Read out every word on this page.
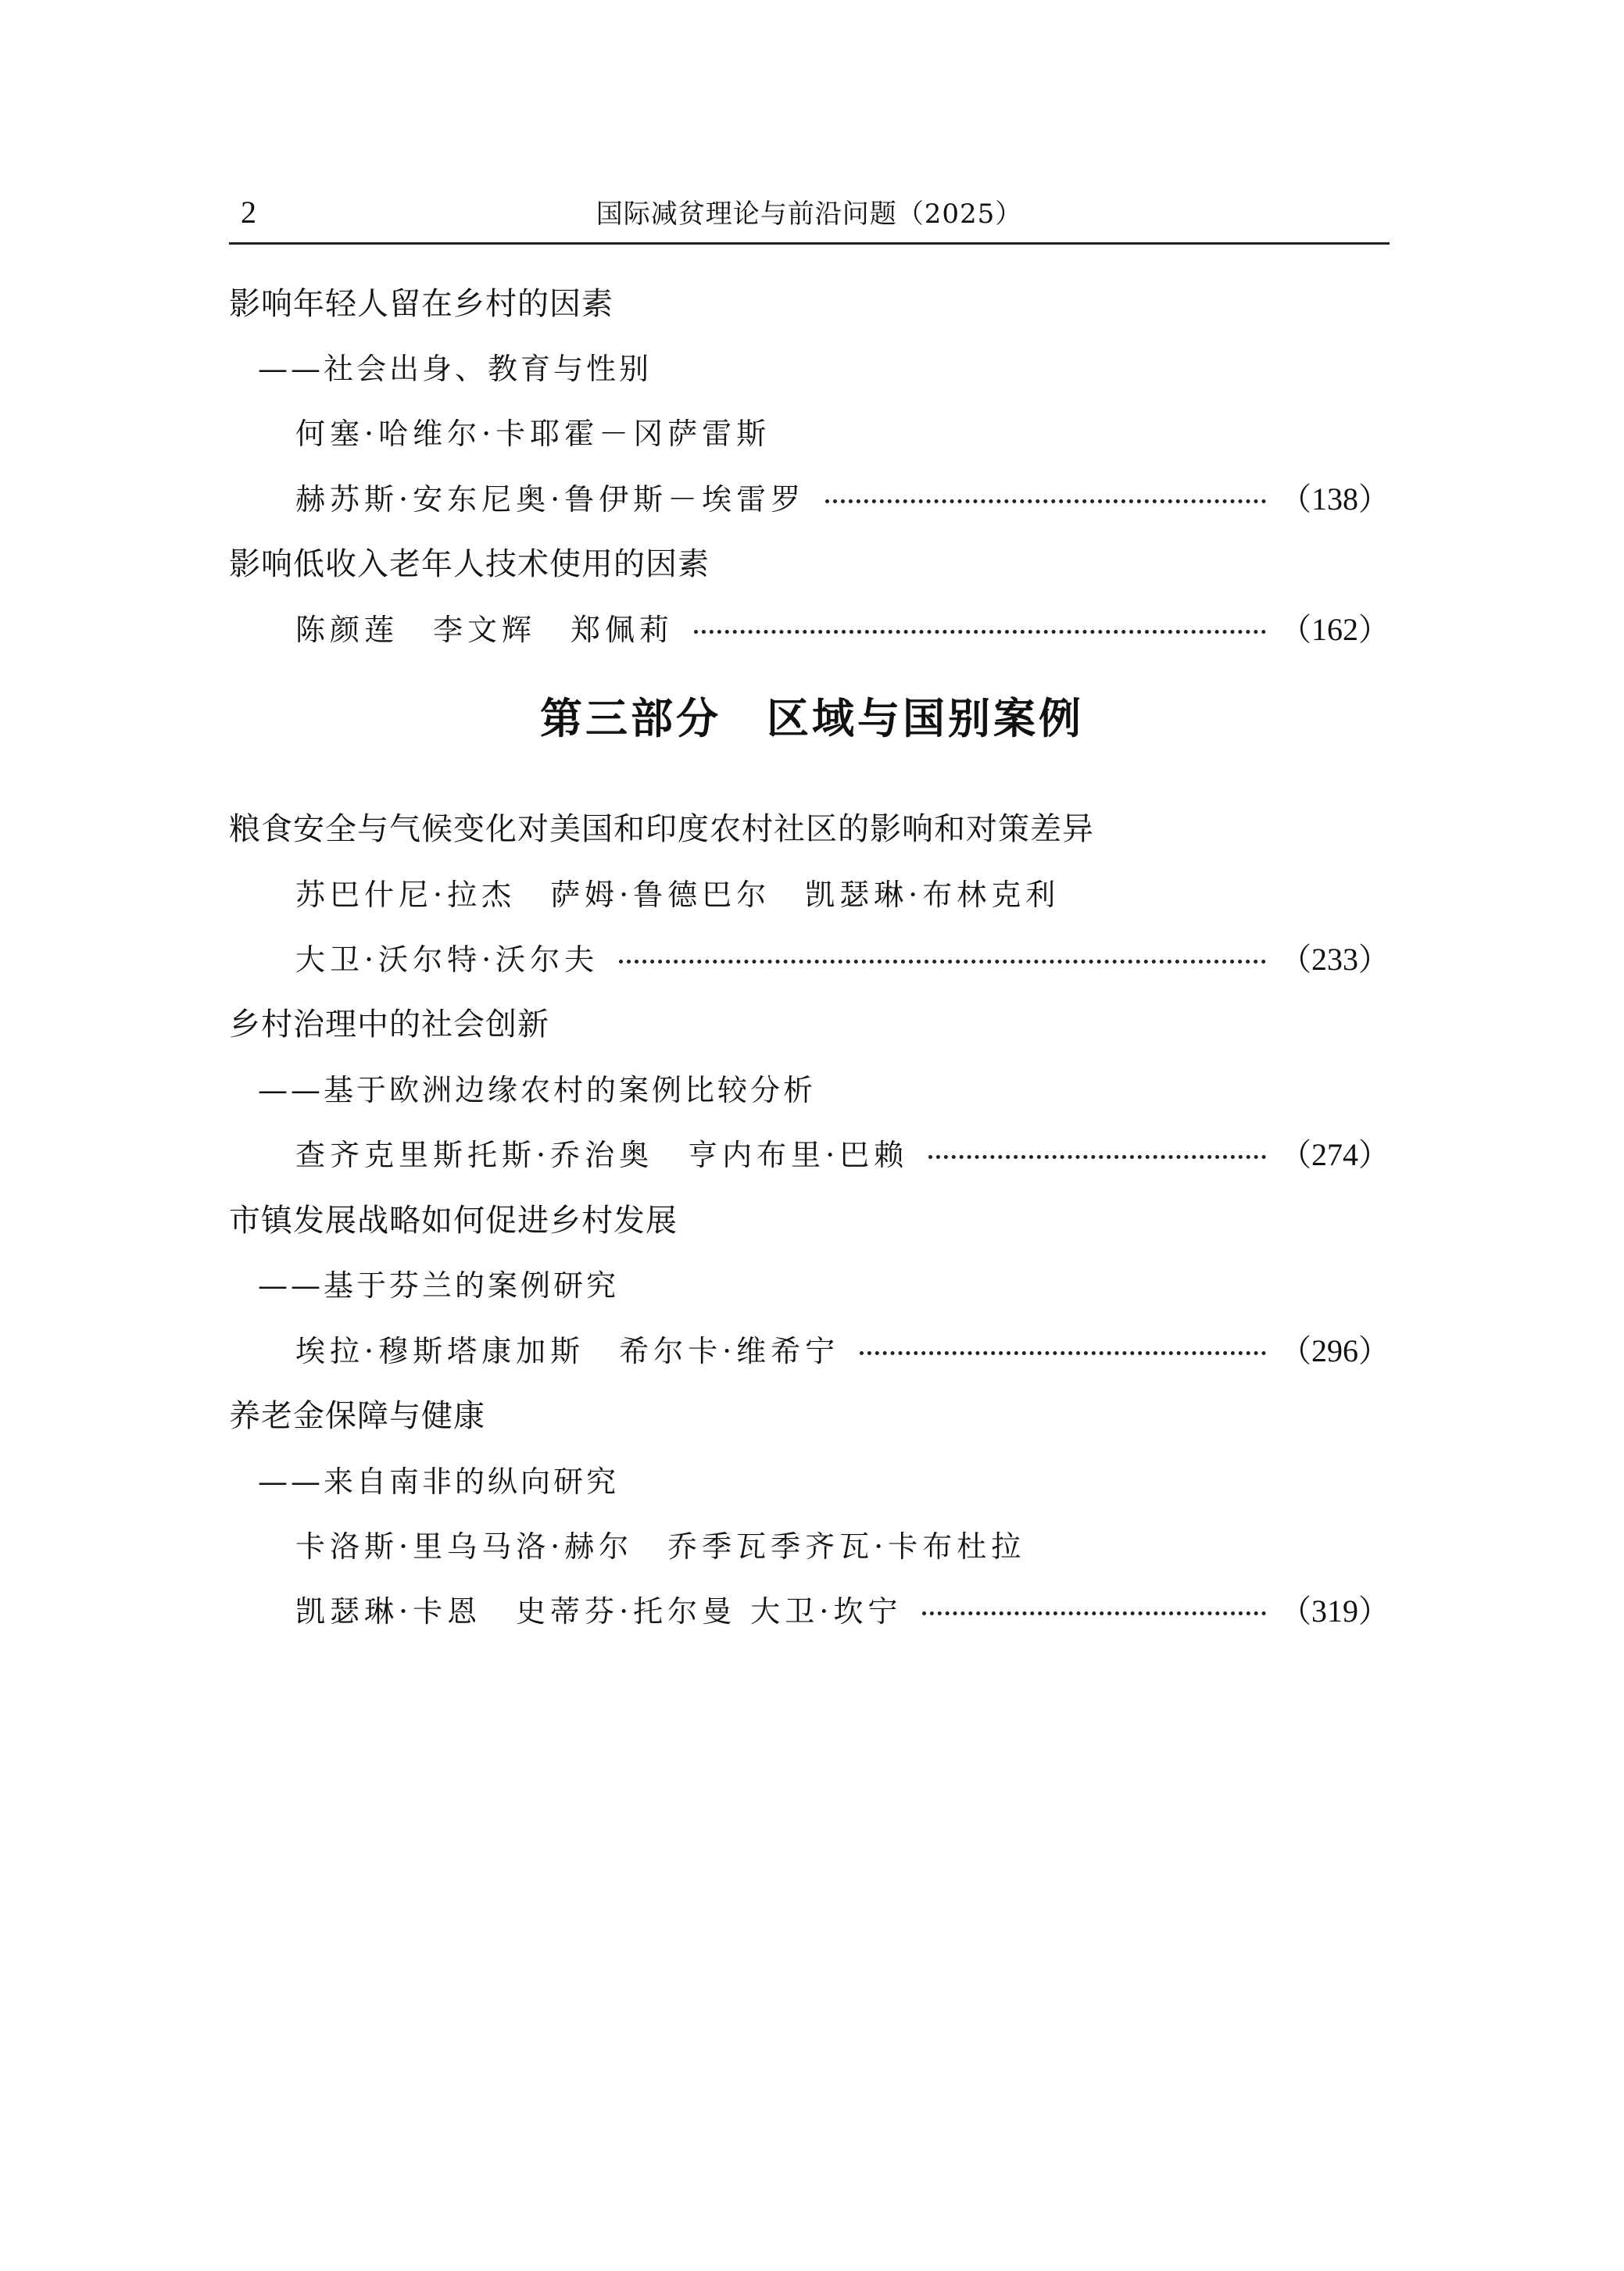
2	国际减贫理论与前沿问题（2025）
影响年轻人留在乡村的因素
——社会出身、教育与性别
何塞·哈维尔·卡耶霍－冈萨雷斯
赫苏斯·安东尼奥·鲁伊斯－埃雷罗	（138）
影响低收入老年人技术使用的因素
陈颜莲　李文辉　郑佩莉	（162）
第三部分　区域与国别案例
粮食安全与气候变化对美国和印度农村社区的影响和对策差异
苏巴什尼·拉杰　萨姆·鲁德巴尔　凯瑟琳·布林克利
大卫·沃尔特·沃尔夫	（233）
乡村治理中的社会创新
——基于欧洲边缘农村的案例比较分析
查齐克里斯托斯·乔治奥　亨内布里·巴赖	（274）
市镇发展战略如何促进乡村发展
——基于芬兰的案例研究
埃拉·穆斯塔康加斯　希尔卡·维希宁	（296）
养老金保障与健康
——来自南非的纵向研究
卡洛斯·里乌马洛·赫尔　乔季瓦季齐瓦·卡布杜拉
凯瑟琳·卡恩　史蒂芬·托尔曼 大卫·坎宁	（319）
